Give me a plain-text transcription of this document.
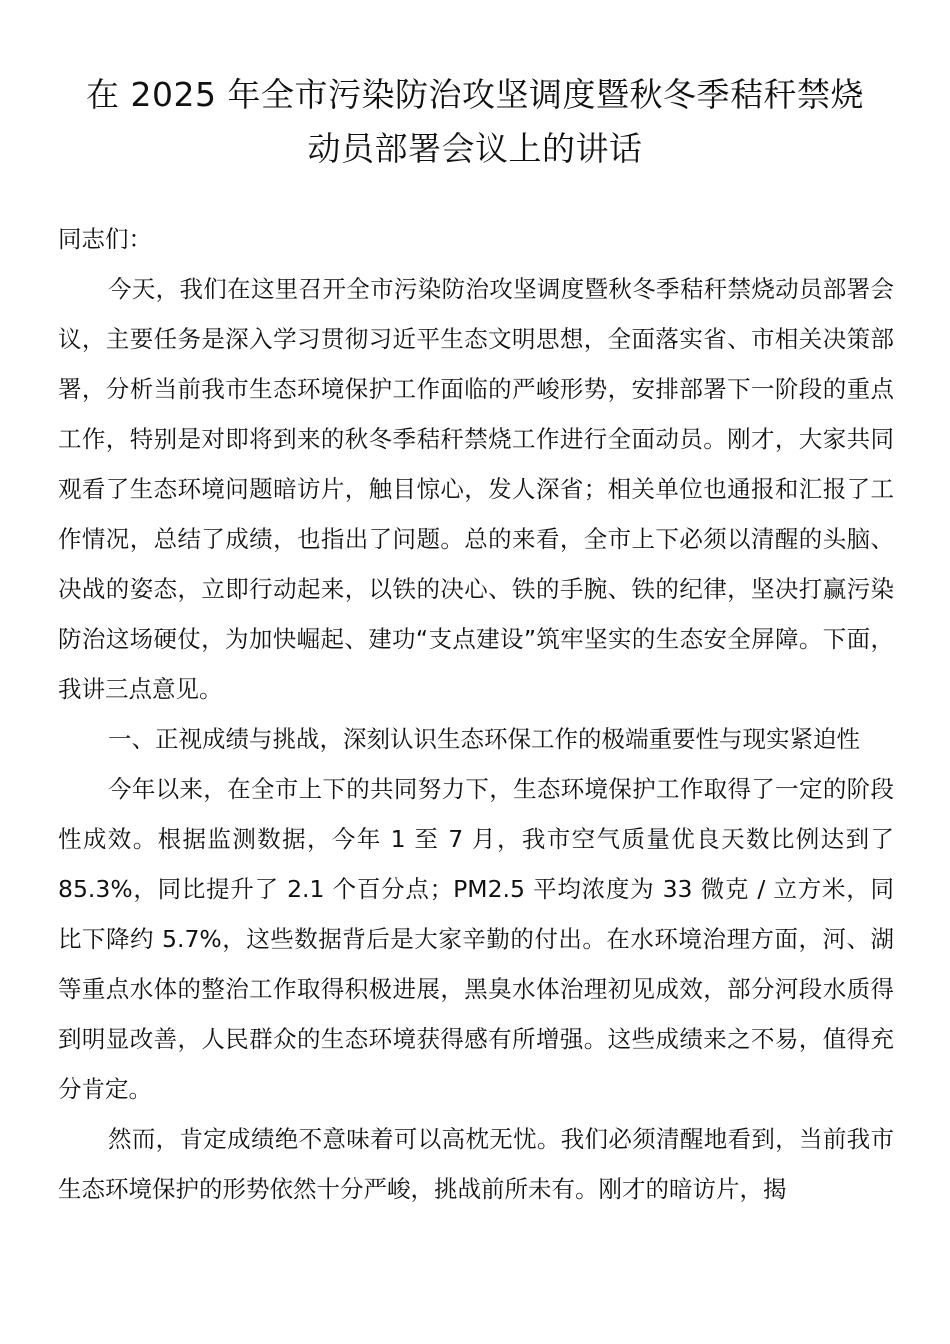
在 2025 年全市污染防治攻坚调度暨秋冬季秸秆禁烧
动员部署会议上的讲话

同志们：

今天，我们在这里召开全市污染防治攻坚调度暨秋冬季秸秆禁烧动员部署会议，主要任务是深入学习贯彻习近平生态文明思想，全面落实省、市相关决策部署，分析当前我市生态环境保护工作面临的严峻形势，安排部署下一阶段的重点工作，特别是对即将到来的秋冬季秸秆禁烧工作进行全面动员。刚才，大家共同观看了生态环境问题暗访片，触目惊心，发人深省；相关单位也通报和汇报了工作情况，总结了成绩，也指出了问题。总的来看，全市上下必须以清醒的头脑、决战的姿态，立即行动起来，以铁的决心、铁的手腕、铁的纪律，坚决打赢污染防治这场硬仗，为加快崛起、建功“支点建设”筑牢坚实的生态安全屏障。下面，我讲三点意见。

一、正视成绩与挑战，深刻认识生态环保工作的极端重要性与现实紧迫性

今年以来，在全市上下的共同努力下，生态环境保护工作取得了一定的阶段性成效。根据监测数据，今年 1 至 7 月，我市空气质量优良天数比例达到了 85.3%，同比提升了 2.1 个百分点；PM2.5 平均浓度为 33 微克 / 立方米，同比下降约 5.7%，这些数据背后是大家辛勤的付出。在水环境治理方面，河、湖等重点水体的整治工作取得积极进展，黑臭水体治理初见成效，部分河段水质得到明显改善，人民群众的生态环境获得感有所增强。这些成绩来之不易，值得充分肯定。

然而，肯定成绩绝不意味着可以高枕无忧。我们必须清醒地看到，当前我市生态环境保护的形势依然十分严峻，挑战前所未有。刚才的暗访片，揭
